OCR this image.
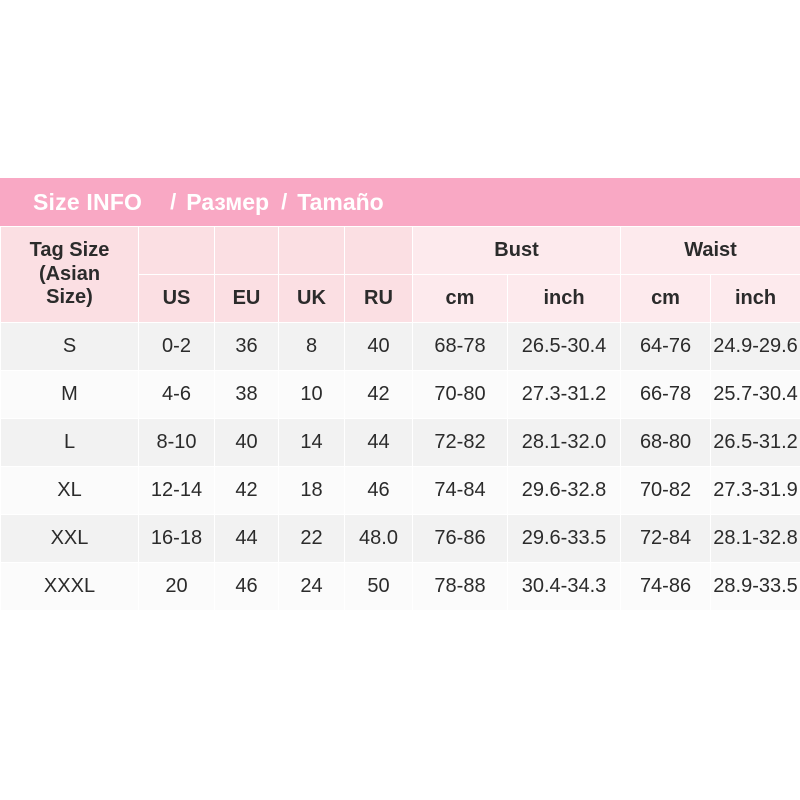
Size INFO / Размер / Tamaño
Tag Size
(Asian
Size)					Bust		Waist	
	US	EU	UK	RU	cm	inch	cm	inch
S	0-2	36	8	40	68-78	26.5-30.4	64-76	24.9-29.6
M	4-6	38	10	42	70-80	27.3-31.2	66-78	25.7-30.4
L	8-10	40	14	44	72-82	28.1-32.0	68-80	26.5-31.2
XL	12-14	42	18	46	74-84	29.6-32.8	70-82	27.3-31.9
XXL	16-18	44	22	48.0	76-86	29.6-33.5	72-84	28.1-32.8
XXXL	20	46	24	50	78-88	30.4-34.3	74-86	28.9-33.5
